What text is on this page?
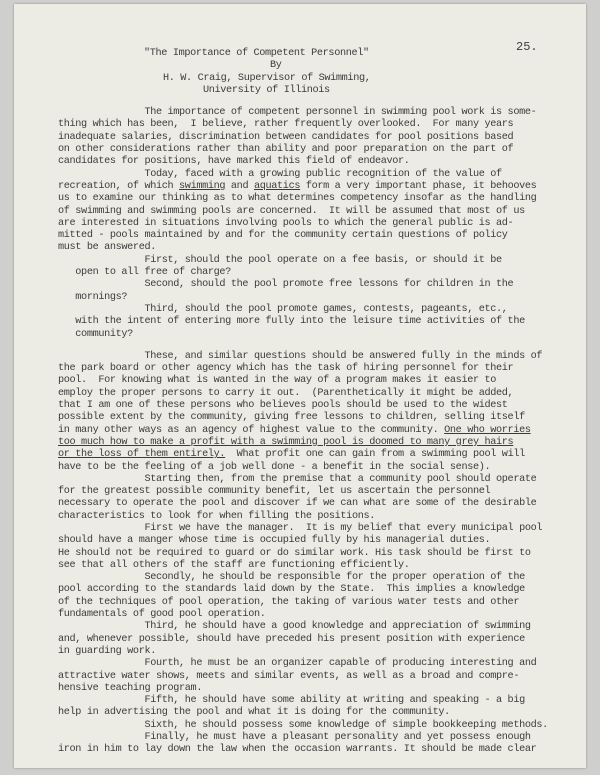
25.
"The Importance of Competent Personnel"
By
H. W. Craig, Supervisor of Swimming,
University of Illinois
The importance of competent personnel in swimming pool work is some-
thing which has been,  I believe, rather frequently overlooked.  For many years
inadequate salaries, discrimination between candidates for pool positions based
on other considerations rather than ability and poor preparation on the part of
candidates for positions, have marked this field of endeavor.
Today, faced with a growing public recognition of the value of
recreation, of which swimming and aquatics form a very important phase, it behooves
us to examine our thinking as to what determines competency insofar as the handling
of swimming and swimming pools are concerned.  It will be assumed that most of us
are interested in situations involving pools to which the general public is ad-
mitted - pools maintained by and for the community certain questions of policy
must be answered.
First, should the pool operate on a fee basis, or should it be
open to all free of charge?
Second, should the pool promote free lessons for children in the
mornings?
Third, should the pool promote games, contests, pageants, etc.,
with the intent of entering more fully into the leisure time activities of the
community?
These, and similar questions should be answered fully in the minds of
the park board or other agency which has the task of hiring personnel for their
pool.  For knowing what is wanted in the way of a program makes it easier to
employ the proper persons to carry it out.  (Parenthetically it might be added,
that I am one of these persons who believes pools should be used to the widest
possible extent by the community, giving free lessons to children, selling itself
in many other ways as an agency of highest value to the community. One who worries
too much how to make a profit with a swimming pool is doomed to many grey hairs
or the loss of them entirely.  What profit one can gain from a swimming pool will
have to be the feeling of a job well done - a benefit in the social sense).
Starting then, from the premise that a community pool should operate
for the greatest possible community benefit, let us ascertain the personnel
necessary to operate the pool and discover if we can what are some of the desirable
characteristics to look for when filling the positions.
First we have the manager.  It is my belief that every municipal pool
should have a manger whose time is occupied fully by his managerial duties.
He should not be required to guard or do similar work. His task should be first to
see that all others of the staff are functioning efficiently.
Secondly, he should be responsible for the proper operation of the
pool according to the standards laid down by the State.  This implies a knowledge
of the techniques of pool operation, the taking of various water tests and other
fundamentals of good pool operation.
Third, he should have a good knowledge and appreciation of swimming
and, whenever possible, should have preceded his present position with experience
in guarding work.
Fourth, he must be an organizer capable of producing interesting and
attractive water shows, meets and similar events, as well as a broad and compre-
hensive teaching program.
Fifth, he should have some ability at writing and speaking - a big
help in advertising the pool and what it is doing for the community.
Sixth, he should possess some knowledge of simple bookkeeping methods.
Finally, he must have a pleasant personality and yet possess enough
iron in him to lay down the law when the occasion warrants. It should be made clear
